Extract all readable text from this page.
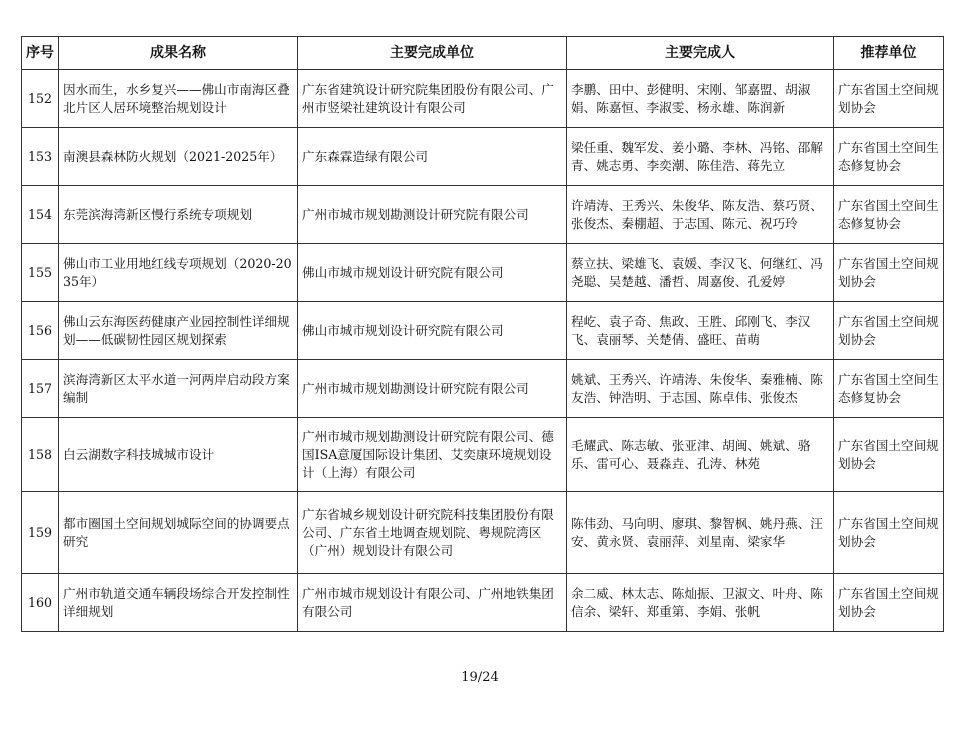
序号	成果名称	主要完成单位	主要完成人	推荐单位
152	因水而生，水乡复兴——佛山市南海区叠北片区人居环境整治规划设计	广东省建筑设计研究院集团股份有限公司、广州市竖梁社建筑设计有限公司	李鹏、田中、彭健明、宋刚、邹嘉盟、胡淑娟、陈嘉恒、李淑雯、杨永雄、陈润新	广东省国土空间规划协会
153	南澳县森林防火规划（2021-2025年）	广东森霖造绿有限公司	梁任重、魏军发、姜小璐、李林、冯铭、邵解青、姚志勇、李奕潮、陈佳浩、蒋先立	广东省国土空间生态修复协会
154	东莞滨海湾新区慢行系统专项规划	广州市城市规划勘测设计研究院有限公司	许靖涛、王秀兴、朱俊华、陈友浩、蔡巧贤、张俊杰、秦棚超、于志国、陈元、祝巧玲	广东省国土空间生态修复协会
155	佛山市工业用地红线专项规划（2020-2035年）	佛山市城市规划设计研究院有限公司	蔡立扶、梁雄飞、袁媛、李汉飞、何继红、冯尧聪、吴楚越、潘哲、周嘉俊、孔爱婷	广东省国土空间规划协会
156	佛山云东海医药健康产业园控制性详细规划——低碳韧性园区规划探索	佛山市城市规划设计研究院有限公司	程屹、袁子奇、焦政、王胜、邱刚飞、李汉飞、袁丽琴、关楚倩、盛旺、苗萌	广东省国土空间规划协会
157	滨海湾新区太平水道一河两岸启动段方案编制	广州市城市规划勘测设计研究院有限公司	姚斌、王秀兴、许靖涛、朱俊华、秦雅楠、陈友浩、钟浩明、于志国、陈卓伟、张俊杰	广东省国土空间生态修复协会
158	白云湖数字科技城城市设计	广州市城市规划勘测设计研究院有限公司、德国ISA意厦国际设计集团、艾奕康环境规划设计（上海）有限公司	毛耀武、陈志敏、张亚津、胡闽、姚斌、骆乐、雷可心、聂淼垚、孔涛、林苑	广东省国土空间规划协会
159	都市圈国土空间规划城际空间的协调要点研究	广东省城乡规划设计研究院科技集团股份有限公司、广东省土地调查规划院、粤规院湾区（广州）规划设计有限公司	陈伟劲、马向明、廖琪、黎智枫、姚丹燕、汪安、黄永贤、袁丽萍、刘星南、梁家华	广东省国土空间规划协会
160	广州市轨道交通车辆段场综合开发控制性详细规划	广州市城市规划设计有限公司、广州地铁集团有限公司	余二威、林太志、陈灿振、卫淑文、叶舟、陈信余、梁轩、郑重第、李娟、张帆	广东省国土空间规划协会
19/24
